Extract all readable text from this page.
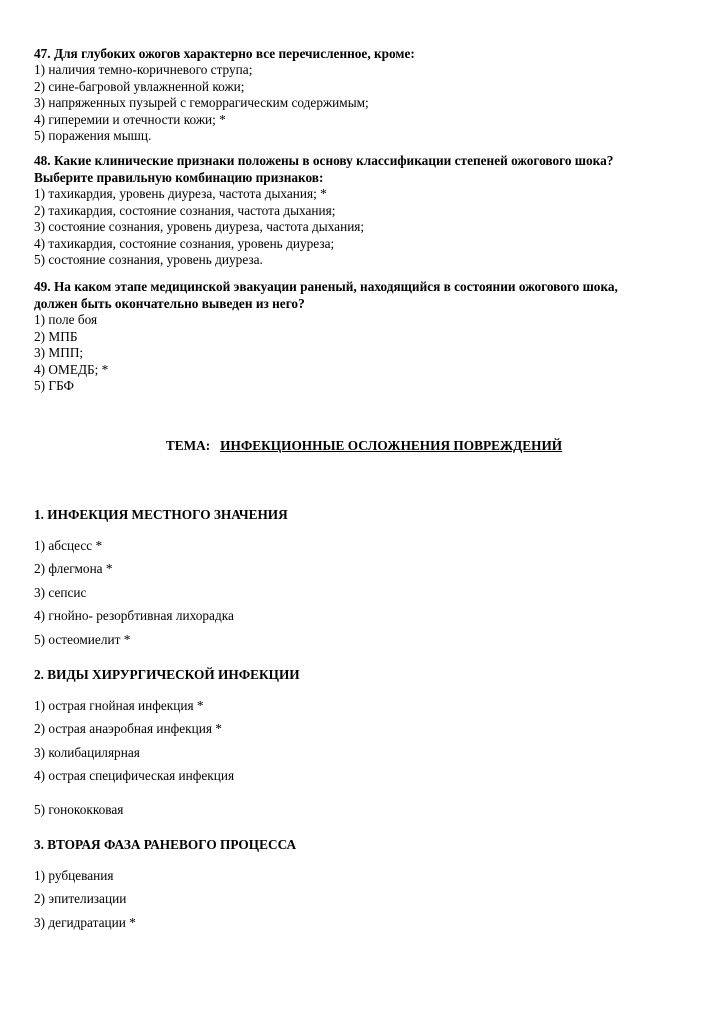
47. Для глубоких ожогов характерно все перечисленное, кроме:
1) наличия темно-коричневого струпа;
2) сине-багровой увлажненной кожи;
3) напряженных пузырей с геморрагическим содержимым;
4) гиперемии и отечности кожи; *
5) поражения мышц.
48. Какие клинические признаки положены в основу классификации степеней ожогового шока?
Выберите правильную комбинацию признаков:
1) тахикардия, уровень диуреза, частота дыхания; *
2) тахикардия, состояние сознания, частота дыхания;
3) состояние сознания, уровень диуреза, частота дыхания;
4) тахикардия, состояние сознания, уровень диуреза;
5) состояние сознания, уровень диуреза.
49. На каком этапе медицинской эвакуации раненый, находящийся в состоянии ожогового шока,
должен быть окончательно выведен из него?
1) поле боя
2) МПБ
3) МПП;
4) ОМЕДБ; *
5) ГБФ
ТЕМА: ИНФЕКЦИОННЫЕ ОСЛОЖНЕНИЯ ПОВРЕЖДЕНИЙ
1. ИНФЕКЦИЯ МЕСТНОГО ЗНАЧЕНИЯ
1) абсцесс *
2) флегмона *
3) сепсис
4) гнойно- резорбтивная лихорадка
5) остеомиелит *
2. ВИДЫ ХИРУРГИЧЕСКОЙ ИНФЕКЦИИ
1) острая гнойная инфекция *
2) острая анаэробная инфекция *
3) колибацилярная
4) острая специфическая инфекция
5) гонококковая
3. ВТОРАЯ ФАЗА РАНЕВОГО ПРОЦЕССА
1) рубцевания
2) эпителизации
3) дегидратации *
